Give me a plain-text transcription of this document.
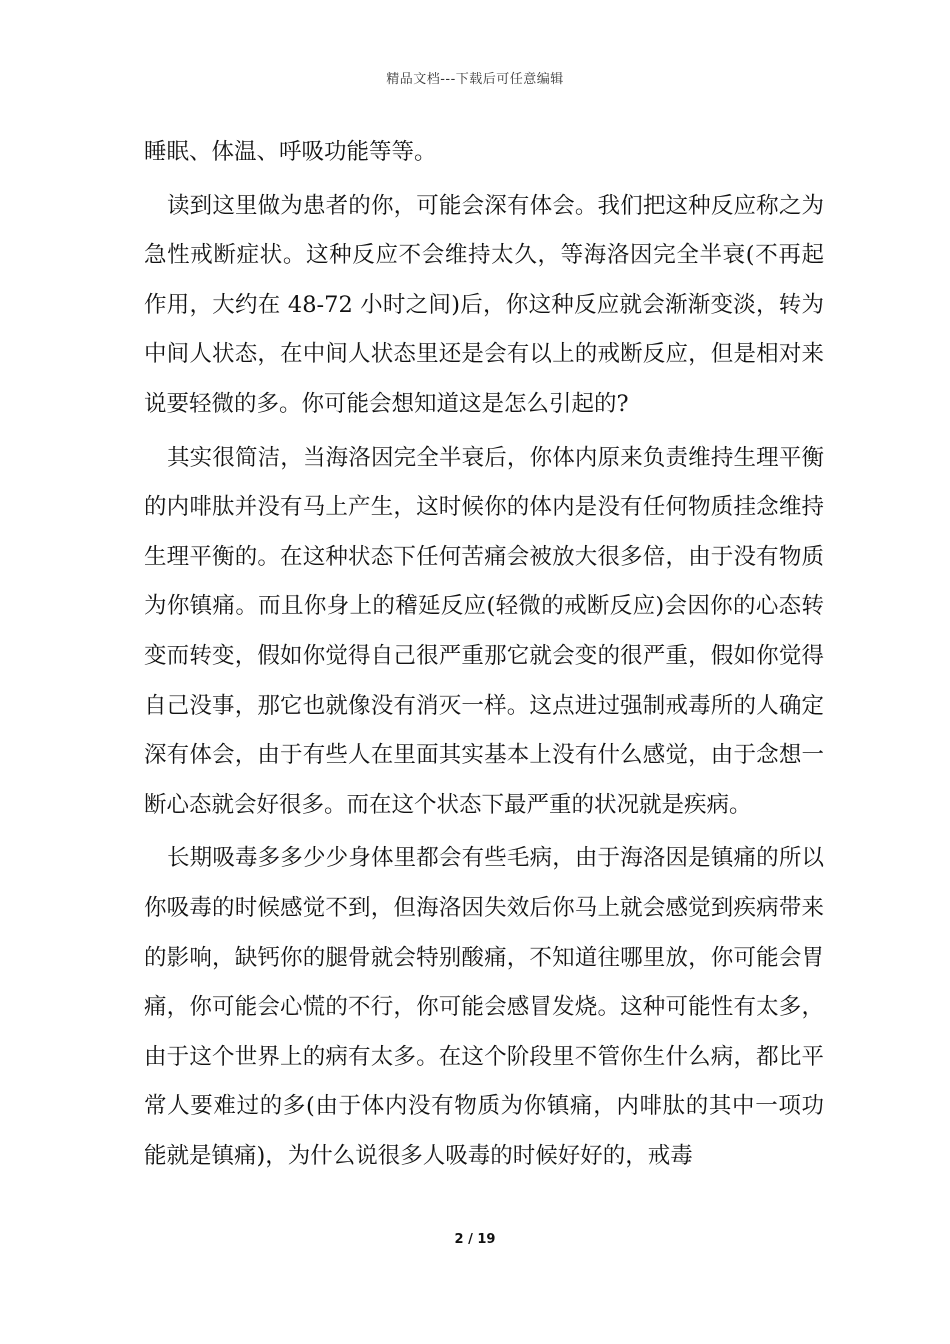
精品文档---下载后可任意编辑

睡眠、体温、呼吸功能等等。

读到这里做为患者的你，可能会深有体会。我们把这种反应称之为急性戒断症状。这种反应不会维持太久，等海洛因完全半衰(不再起作用，大约在 48-72 小时之间)后，你这种反应就会渐渐变淡，转为中间人状态，在中间人状态里还是会有以上的戒断反应，但是相对来说要轻微的多。你可能会想知道这是怎么引起的?

其实很简洁，当海洛因完全半衰后，你体内原来负责维持生理平衡的内啡肽并没有马上产生，这时候你的体内是没有任何物质挂念维持生理平衡的。在这种状态下任何苦痛会被放大很多倍，由于没有物质为你镇痛。而且你身上的稽延反应(轻微的戒断反应)会因你的心态转变而转变，假如你觉得自己很严重那它就会变的很严重，假如你觉得自己没事，那它也就像没有消灭一样。这点进过强制戒毒所的人确定深有体会，由于有些人在里面其实基本上没有什么感觉，由于念想一断心态就会好很多。而在这个状态下最严重的状况就是疾病。

长期吸毒多多少少身体里都会有些毛病，由于海洛因是镇痛的所以你吸毒的时候感觉不到，但海洛因失效后你马上就会感觉到疾病带来的影响，缺钙你的腿骨就会特别酸痛，不知道往哪里放，你可能会胃痛，你可能会心慌的不行，你可能会感冒发烧。这种可能性有太多，由于这个世界上的病有太多。在这个阶段里不管你生什么病，都比平常人要难过的多(由于体内没有物质为你镇痛，内啡肽的其中一项功能就是镇痛)，为什么说很多人吸毒的时候好好的，戒毒

2 / 19
